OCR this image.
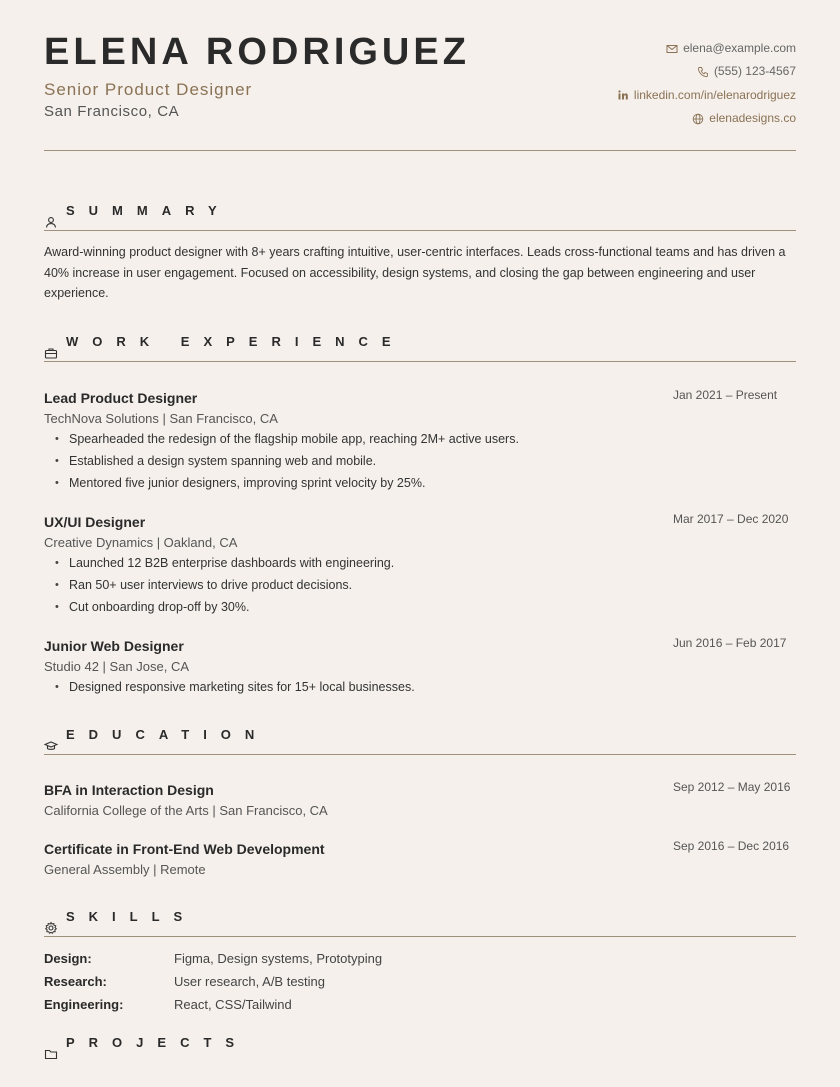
ELENA RODRIGUEZ
Senior Product Designer
San Francisco, CA
elena@example.com
(555) 123-4567
linkedin.com/in/elenarodriguez
elenadesigns.co
SUMMARY
Award-winning product designer with 8+ years crafting intuitive, user-centric interfaces. Leads cross-functional teams and has driven a 40% increase in user engagement. Focused on accessibility, design systems, and closing the gap between engineering and user experience.
WORK EXPERIENCE
Lead Product Designer	Jan 2021 – Present
TechNova Solutions | San Francisco, CA
• Spearheaded the redesign of the flagship mobile app, reaching 2M+ active users.
• Established a design system spanning web and mobile.
• Mentored five junior designers, improving sprint velocity by 25%.
UX/UI Designer	Mar 2017 – Dec 2020
Creative Dynamics | Oakland, CA
• Launched 12 B2B enterprise dashboards with engineering.
• Ran 50+ user interviews to drive product decisions.
• Cut onboarding drop-off by 30%.
Junior Web Designer	Jun 2016 – Feb 2017
Studio 42 | San Jose, CA
• Designed responsive marketing sites for 15+ local businesses.
EDUCATION
BFA in Interaction Design	Sep 2012 – May 2016
California College of the Arts | San Francisco, CA
Certificate in Front-End Web Development	Sep 2016 – Dec 2016
General Assembly | Remote
SKILLS
Design:	Figma, Design systems, Prototyping
Research:	User research, A/B testing
Engineering:	React, CSS/Tailwind
PROJECTS
